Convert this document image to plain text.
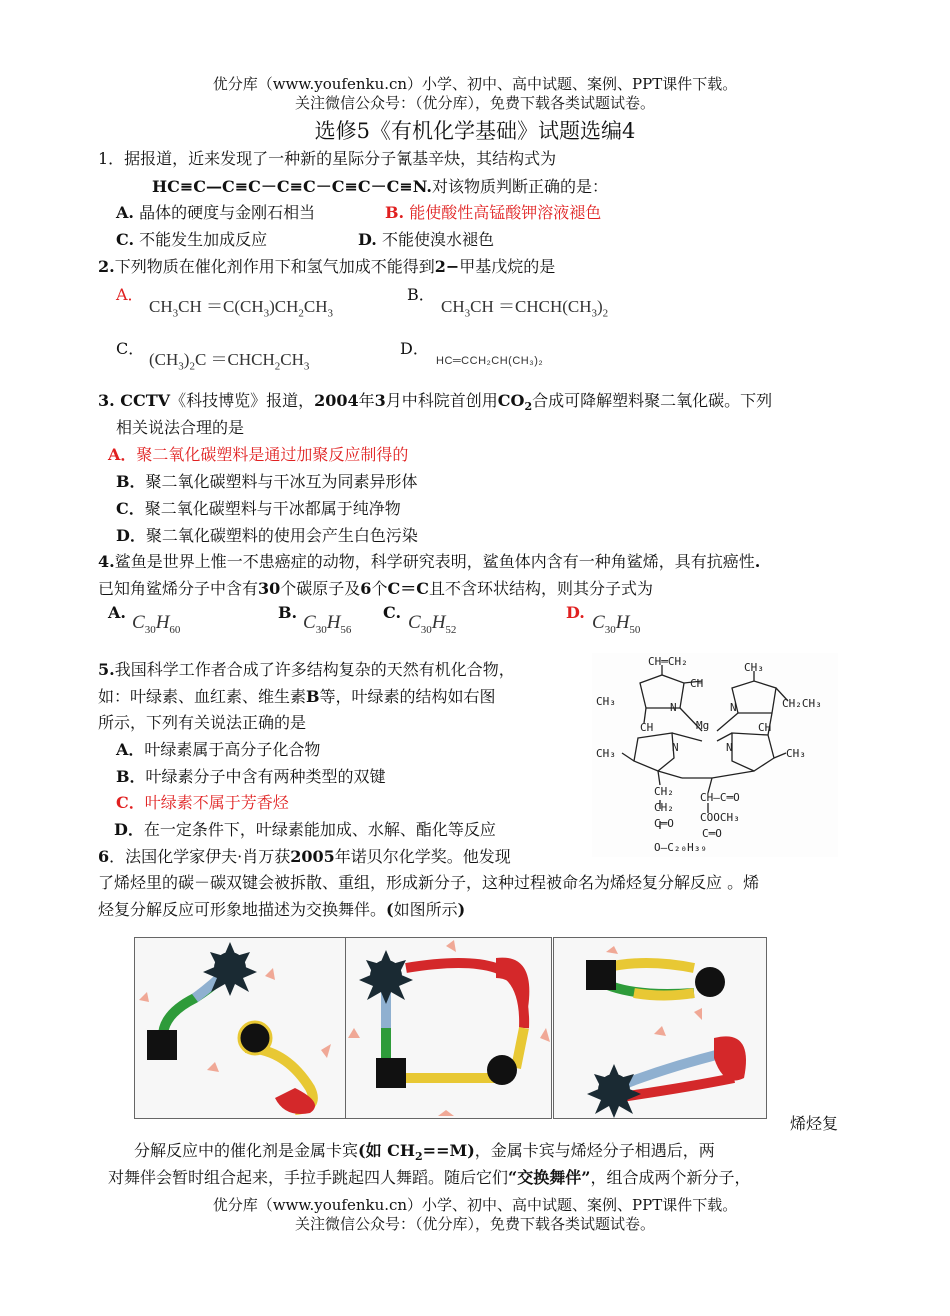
优分库（www.youfenku.cn）小学、初中、高中试题、案例、PPT课件下载。
关注微信公众号：（优分库），免费下载各类试题试卷。
选修5《有机化学基础》试题选编4
1．据报道，近来发现了一种新的星际分子氰基辛炔，其结构式为
HC≡C—C≡C－C≡C－C≡C－C≡N.对该物质判断正确的是：
A. 晶体的硬度与金刚石相当	B. 能使酸性高锰酸钾溶液褪色
C. 不能发生加成反应	D. 不能使溴水褪色
2.下列物质在催化剂作用下和氢气加成不能得到2−甲基戊烷的是
A．
$CH_3CH =C(CH_3)CH_2CH_3$
B．
$CH_3CH$ $=CHCH(CH_3)_2$
C．
$(CH_3)_2C$ $=CHCH_2CH_3$
D．
HC═CCH₂CH(CH₃)₂
3. CCTV《科技博览》报道，2004年3月中科院首创用$CO_2$合成可降解塑料聚二氧化碳。下列
相关说法合理的是
A．聚二氧化碳塑料是通过加聚反应制得的
B．聚二氧化碳塑料与干冰互为同素异形体
C．聚二氧化碳塑料与干冰都属于纯净物
D．聚二氧化碳塑料的使用会产生白色污染
4.鲨鱼是世界上惟一不患癌症的动物，科学研究表明，鲨鱼体内含有一种角鲨烯，具有抗癌性.
已知角鲨烯分子中含有30个碳原子及6个C＝C且不含环状结构，则其分子式为
A. $C_{30}H_{60}$
B. $C_{30}H_{56}$
C. $C_{30}H_{52}$
D. $C_{30}H_{50}$
5.我国科学工作者合成了许多结构复杂的天然有机化合物，
如：叶绿素、血红素、维生素B等，叶绿素的结构如右图
所示，下列有关说法正确的是
A．叶绿素属于高分子化合物
B．叶绿素分子中含有两种类型的双键
C．叶绿素不属于芳香烃
D．在一定条件下，叶绿素能加成、水解、酯化等反应
CH═CH₂
CH
CH₃
CH₃	CH₂CH₃
N	N
Mg
CH	CH
N	N
CH₃	CH₃
CH₂ CH—C═O
CH₂
COOCH₃
C═O
C═O
O—C₂₀H₃₉
6．法国化学家伊夫·肖万获2005年诺贝尔化学奖。他发现
了烯烃里的碳－碳双键会被拆散、重组，形成新分子，这种过程被命名为烯烃复分解反应 。烯
烃复分解反应可形象地描述为交换舞伴。(如图所示)
烯烃复
分解反应中的催化剂是金属卡宾(如 $CH_2==M$)，金属卡宾与烯烃分子相遇后，两
对舞伴会暂时组合起来，手拉手跳起四人舞蹈。随后它们“交换舞伴”，组合成两个新分子，
优分库（www.youfenku.cn）小学、初中、高中试题、案例、PPT课件下载。
关注微信公众号：（优分库），免费下载各类试题试卷。
